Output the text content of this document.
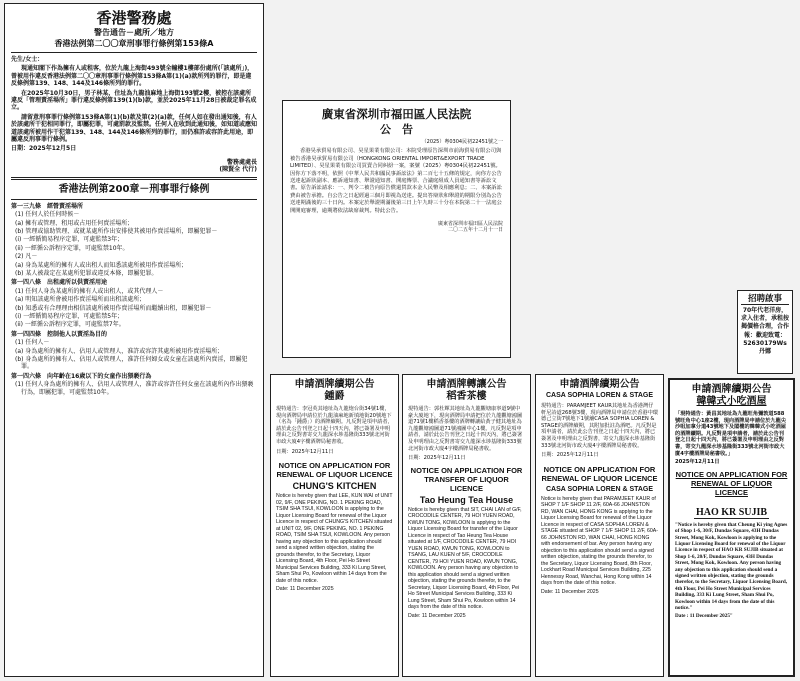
香港警務處
警告通告－處所／地方
香港法例第二〇〇章刑事罪行條例第153條A
先生/女士：
現通知閣下作為擁有人或租客，位於九龍上海街493號全幢樓1樓部份處所(「該處所」)，曾被用作違反香港法例第二〇〇章刑事罪行條例第153條A第(1)(a)款所列的罪行，即是違反條例第139、148、144及146條所列的罪行。
在2025年10月30日，男子林某，住址為九龍油麻地上海街193號2樓，被控在該處所違反「管理賣淫場所」罪行違反條例第139(1)(b)款，並於2025年11月28日被裁定罪名成立。
請留意刑事罪行條例第153條A第(1)(b)款及第(2)(a)款，任何人如在發出通知後，有人於該處所干犯相同罪行，即屬犯罪，可處罰款及監禁。任何人在收到此通知後，如知道或應知道該處所被用作干犯第139、148、144及146條所列的罪行，而仍准許或容許此用途，即屬違反刑事罪行條例。
日期：2025年12月5日
警務處處長
(陳賢全 代行)
香港法例第200章－刑事罪行條例
第一三九條　經營賣淫場所
(1) 任何人於任何時候－
(a) 擁有或管理、租用或占用任何賣淫場所；
(b) 管理或協助管理、或就某處所作出安排使其被用作賣淫場所，即屬犯罪－
(i) 一經循簡易程序定罪，可處監禁3年；
(ii) 一經循公訴程序定罪，可處監禁10年。
(2) 凡－
(a) 身為某處所的擁有人或出租人而知悉該處所被用作賣淫場所；
(b) 某人被裁定在某處所犯罪或違反本條，即屬犯罪。
第一四八條　出租處所以供賣淫用途
(1) 任何人身為某處所的擁有人或出租人，或其代理人－
(a) 明知該處所會被用作賣淫場所而出租該處所；
(b) 知悉或有合理理由相信該處所被用作賣淫場所而繼續出租，即屬犯罪－
(i) 一經循簡易程序定罪，可處監禁5年；
(ii) 一經循公訴程序定罪，可處監禁7年。
第一四四條　控制他人以賣淫為目的
(1) 任何人－
(a) 身為處所的擁有人、佔用人或管理人，准許或容許其處所被用作賣淫場所；
(b) 身為處所的擁有人、佔用人或管理人，准許任何婦女或女童在該處所內賣淫，即屬犯罪。
第一四六條　向年齡在16歲以下的女童作出猥褻行為
(1) 任何人身為處所的擁有人、佔用人或管理人，准許或容許任何女童在該處所內作出猥褻行為，即屬犯罪，可處監禁10年。
廣東省深圳市福田區人民法院
公　告
（2025）粵0304民初22451號之一
香港昊承貿易有限公司、昊星果業有限公司：本院受理原告深圳市前海貿易有限公司與被告香港昊承貿易有限公司（HONGKONG ORIENTAL IMPORT&EXPORT TRADE LIMITED）、昊星果業有限公司買賣合同糾紛一案，案號（2025）粵0304民初22451號。因你方下落不明，依照《中華人民共和國民事訴訟法》第二百七十五條的規定，向你方公告送達起訴狀副本、應訴通知書、舉證通知書、開庭傳票、合議庭組成人員通知書等訴訟文書。原告訴訟請求：一、判令二被告向原告償還貨款本金人民幣及相應利息；二、本案訴訟費由被告承擔。自公告之日起經過三個月即視為送達。提出答辯狀和舉證的期限分別為公告送達期滿後的三十日內。本案定於舉證期滿後第三日上午九時三十分在本院第二十一法庭公開開庭審理，逾期將依法缺席裁判。特此公告。
廣東省深圳市福田區人民法院
二〇二五年十二月十一日
招聘啟事
70年代老洋房，求入住者，承租按揭價格合理，合作報：歡迎致電：52630179Ws丹娜
申請酒牌續期公告
鍾爵
現特通告：李冠英其地址為九龍炮台街34號1樓，現向酒牌局申請位於九龍油麻地新填地街20號地下（名為「鍾爵」）的酒牌續期。凡反對是項申請者，請於此公告刊登之日起十四天內，將已簽署及申明理由之反對書寄交九龍深水埗基隆街333號北河街市政大廈4字樓酒牌局秘書收。
日期：2025年12月11日
NOTICE ON APPLICATION FOR RENEWAL OF LIQUOR LICENCE
CHUNG'S KITCHEN
Notice is hereby given that LEE, KUN WAI of UNIT 02, 9/F, ONE PEKING, NO. 1 PEKING ROAD, TSIM SHA TSUI, KOWLOON is applying to the Liquor Licensing Board for renewal of the Liquor Licence in respect of CHUNG'S KITCHEN situated at UNIT 02, 9/F, ONE PEKING, NO. 1 PEKING ROAD, TSIM SHA TSUI, KOWLOON. Any person having any objection to this application should send a signed written objection, stating the grounds therefor, to the Secretary, Liquor Licensing Board, 4th Floor, Pei Ho Street Municipal Services Building, 333 Ki Lung Street, Sham Shui Po, Kowloon within 14 days from the date of this notice.
Date: 11 December 2025
申請酒牌轉讓公告
稻香茶樓
現特通告：郭杜輝其地址為九龍觀塘康寧道9號中豪大廈地下，現向酒牌局申請把位於九龍觀塘鴻圖道71號1樓稻香茶樓的酒牌轉讓給黃子健其地址為九龍觀塘鴻圖道71號鴻圖中心1樓。凡反對是項申請者，請於此公告刊登之日起十四天內，將已簽署及申明理由之反對書寄交九龍深水埗基隆街333號北河街市政大廈4字樓酒牌局秘書收。
日期：2025年12月11日
NOTICE ON APPLICATION FOR TRANSFER OF LIQUOR LICENCE
Tao Heung Tea House
Notice is hereby given that SIT, CHAI LAN of G/F, CROCODILE CENTER, 79 HOI YUEN ROAD, KWUN TONG, KOWLOON is applying to the Liquor Licensing Board for transfer of the Liquor Licence in respect of Tao Heung Tea House situated at 1/F, CROCODILE CENTER, 79 HOI YUEN ROAD, KWUN TONG, KOWLOON to TSANG, LAU KUEN of 5/F, CROCODILE CENTER, 79 HOI YUEN ROAD, KWUN TONG, KOWLOON. Any person having any objection to this application should send a signed written objection, stating the grounds therefor, to the Secretary, Liquor Licensing Board, 4th Floor, Pei Ho Street Municipal Services Building, 333 Ki Lung Street, Sham Shui Po, Kowloon within 14 days from the date of this notice.
Date: 11 December 2025
申請酒牌續期公告
CASA SOPHIA LOREN & STAGE
現特通告：PARAMJEET KAUR其地址為香港灣仔軒尼詩道268號3樓，現向酒牌局申請位於香港中環德己立街7號地下1號舖CASA SOPHIA LOREN & STAGE的酒牌續期，其附加批註為酒吧。凡反對是項申請者，請於此公告刊登之日起十四天內，將已簽署及申明理由之反對書，寄交九龍深水埗基隆街333號北河街市政大廈4字樓酒牌局秘書收。
日期：2025年12月11日
NOTICE ON APPLICATION FOR RENEWAL OF LIQUOR LICENCE
CASA SOPHIA LOREN & STAGE
Notice is hereby given that PARAMJEET KAUR of SHOP 7 1/F SHOP 11 2/F, 60A-66 JOHNSTON RD, WAN CHAI, HONG KONG is applying to the Liquor Licensing Board for renewal of the Liquor Licence in respect of CASA SOPHIA LOREN & STAGE situated at SHOP 7 1/F SHOP 11 2/F, 60A-66 JOHNSTON RD, WAN CHAI, HONG KONG with endorsement of bar. Any person having any objection to this application should send a signed written objection, stating the grounds therefor, to the Secretary, Liquor Licensing Board, 8th Floor, Lockhart Road Municipal Services Building, 225 Hennessy Road, Wanchai, Hong Kong within 14 days from the date of this notice.
Date: 11 December 2025
申請酒牌續期公告
韓韓式小吃酒屋
「現特通告：黃昌其地址為九龍旺角彌敦道588號旺角中心1座2樓，現向酒牌局申請位於九龍尖沙咀加拿分道43號地下及閣樓的韓韓式小吃酒屋的酒牌續期。凡反對是項申請者，請於此公告刊登之日起十四天內，將已簽署及申明理由之反對書，寄交九龍深水埗基隆街333號北河街市政大廈4字樓酒牌局秘書收。」
2025年12月11日
NOTICE ON APPLICATION FOR RENEWAL OF LIQUOR LICENCE
HAO KR SUJIB
"Notice is hereby given that Cheung Ki ying Agnes of Shop 1-6, 30/F, Dundas Square, 43H Dundas Street, Mong Kok, Kowloon is applying to the Liquor Licensing Board for renewal of the Liquor Licence in respect of HAO KR SUJIB situated at Shop 1-6, 20/F, Dundas Square, 43H Dundas Street, Mong Kok, Kowloon. Any person having any objection to this application should send a signed written objection, stating the grounds therefor, to the Secretary, Liquor Licensing Board, 4th Floor, Pei Ho Street Municipal Services Building, 333 Ki Lung Street, Sham Shui Po, Kowloon within 14 days from the date of this notice."
Date : 11 December 2025"
